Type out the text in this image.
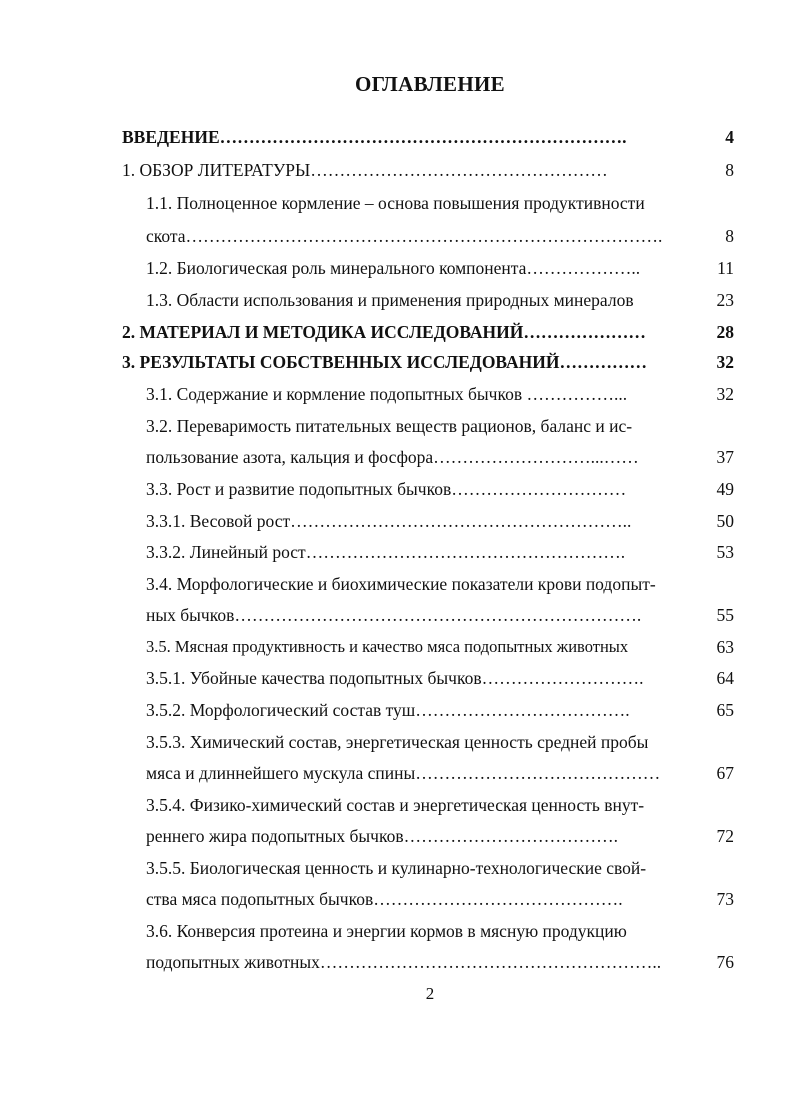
ОГЛАВЛЕНИЕ
ВВЕДЕНИЕ…………………………………………………………….	4
1. ОБЗОР ЛИТЕРАТУРЫ……………………………………………	8
1.1. Полноценное кормление – основа повышения продуктивности
скота……………………………………………………………………….	8
1.2. Биологическая роль минерального компонента………………..	11
1.3. Области использования и применения природных минералов	23
2. МАТЕРИАЛ И МЕТОДИКА ИССЛЕДОВАНИЙ…………………	28
3. РЕЗУЛЬТАТЫ СОБСТВЕННЫХ ИССЛЕДОВАНИЙ……………	32
3.1. Содержание и кормление подопытных бычков ……………...	32
3.2. Переваримость питательных веществ рационов, баланс и ис-
пользование азота, кальция и фосфора………………………...……	37
3.3. Рост и развитие подопытных бычков…………………………	49
3.3.1. Весовой рост…………………………………………………..	50
3.3.2. Линейный рост……………………………………………….	53
3.4. Морфологические и биохимические показатели крови подопыт-
ных бычков…………………………………………………………….	55
3.5. Мясная продуктивность и качество мяса подопытных животных	63
3.5.1. Убойные качества подопытных бычков……………………….	64
3.5.2. Морфологический состав туш……………………………….	65
3.5.3. Химический состав, энергетическая ценность средней пробы
мяса и длиннейшего мускула спины……………………………………	67
3.5.4. Физико-химический состав и энергетическая ценность внут-
реннего жира подопытных бычков……………………………….	72
3.5.5. Биологическая ценность и кулинарно-технологические свой-
ства мяса подопытных бычков…………………………………….	73
3.6. Конверсия протеина и энергии кормов в мясную продукцию
подопытных животных…………………………………………………..	76
2
